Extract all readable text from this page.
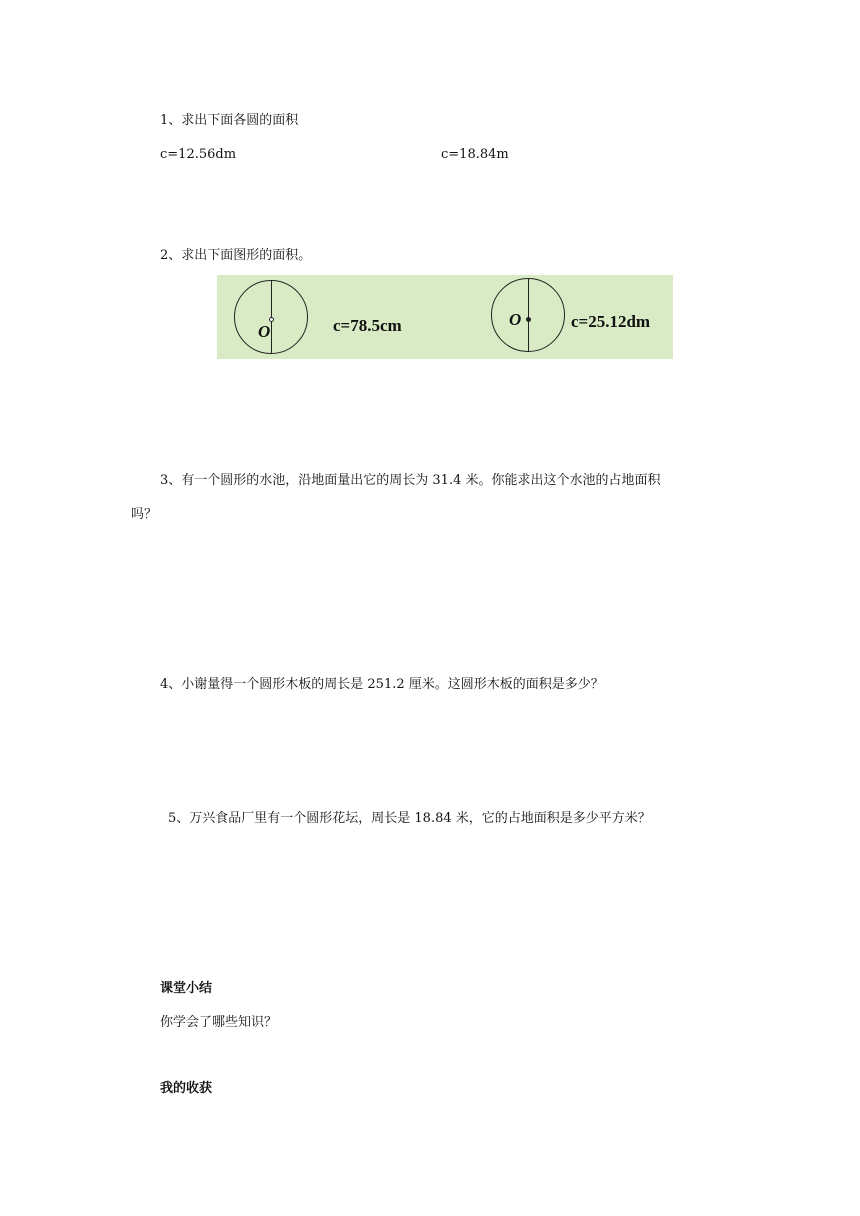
1、求出下面各圆的面积
c=12.56dm	c=18.84m
2、求出下面图形的面积。
O	c=78.5cm	O	c=25.12dm
3、有一个圆形的水池，沿地面量出它的周长为 31.4 米。你能求出这个水池的占地面积
吗？
4、小谢量得一个圆形木板的周长是 251.2 厘米。这圆形木板的面积是多少？
5、万兴食品厂里有一个圆形花坛，周长是 18.84 米，它的占地面积是多少平方米？
课堂小结
你学会了哪些知识？
我的收获
